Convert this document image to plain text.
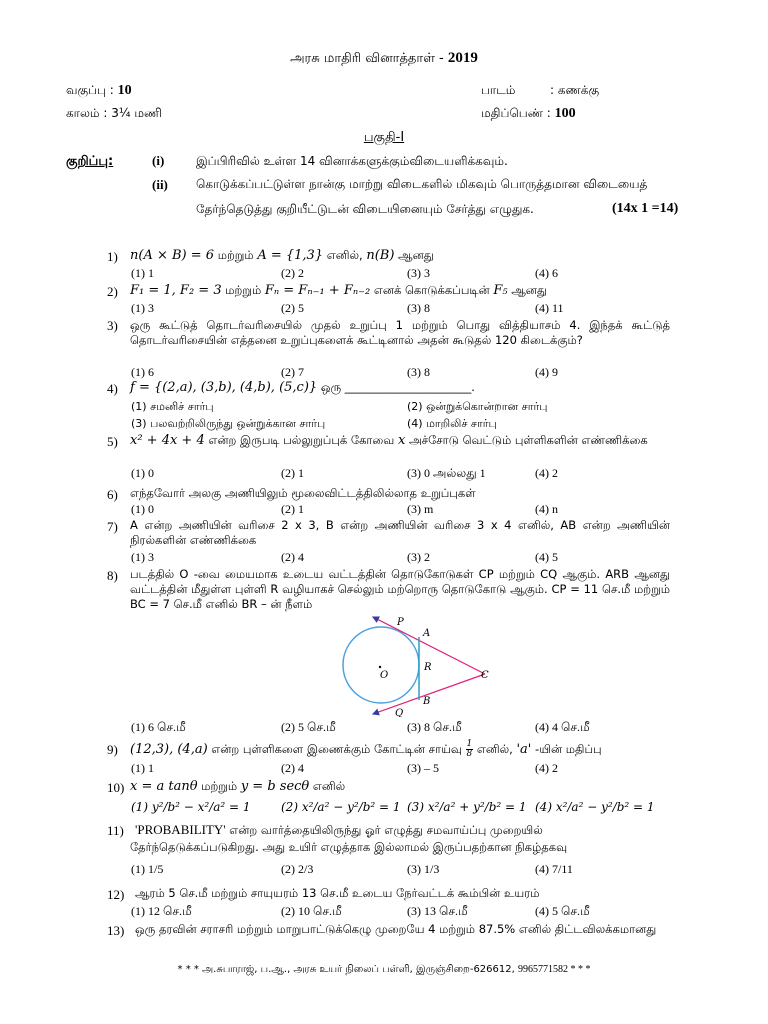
அரசு மாதிரி வினாத்தாள் - 2019
வகுப்பு : 10	பாடம்	: கணக்கு
காலம் : 3¼ மணி	மதிப்பெண் : 100
பகுதி-I
குறிப்பு:	(i)	இப்பிரிவில் உள்ள 14 வினாக்களுக்கும்விடையளிக்கவும்.
(ii) கொடுக்கப்பட்டுள்ள நான்கு மாற்று விடைகளில் மிகவும் பொருத்தமான விடையைத்
தேர்ந்தெடுத்து குறியீட்டுடன் விடையினையும் சேர்த்து எழுதுக.	(14x 1 =14)
1) n(A × B) = 6 மற்றும் A = {1,3} எனில், n(B) ஆனது
(1) 1	(2) 2	(3) 3	(4) 6
2) F₁ = 1, F₂ = 3 மற்றும் Fₙ = Fₙ₋₁ + Fₙ₋₂ எனக் கொடுக்கப்படின் F₅ ஆனது
(1) 3	(2) 5	(3) 8	(4) 11
3) ஒரு கூட்டுத் தொடர்வரிசையில் முதல் உறுப்பு 1 மற்றும் பொது வித்தியாசம் 4. இந்தக் கூட்டுத் தொடர்வரிசையின் எத்தனை உறுப்புகளைக் கூட்டினால் அதன் கூடுதல் 120 கிடைக்கும்?
(1) 6	(2) 7	(3) 8	(4) 9
4) f = {(2,a), (3,b), (4,b), (5,c)} ஒரு ______________________.
(1) சமனிச் சார்பு	(2) ஒன்றுக்கொன்றான சார்பு
(3) பலவற்றிலிருந்து ஒன்றுக்கான சார்பு	(4) மாறிலிச் சார்பு
5) x² + 4x + 4 என்ற இருபடி பல்லுறுப்புக் கோவை x அச்சோடு வெட்டும் புள்ளிகளின் எண்ணிக்கை
(1) 0	(2) 1	(3) 0 அல்லது 1	(4) 2
6) எந்தவோர் அலகு அணியிலும் மூலைவிட்டத்திலில்லாத உறுப்புகள்
(1) 0	(2) 1	(3) m	(4) n
7) A என்ற அணியின் வரிசை 2 x 3, B என்ற அணியின் வரிசை 3 x 4 எனில், AB என்ற அணியின் நிரல்களின் எண்ணிக்கை
(1) 3	(2) 4	(3) 2	(4) 5
8) படத்தில் O -வை மையமாக உடைய வட்டத்தின் தொடுகோடுகள் CP மற்றும் CQ ஆகும். ARB ஆனது வட்டத்தின் மீதுள்ள புள்ளி R வழியாகச் செல்லும் மற்றொரு தொடுகோடு ஆகும். CP = 11 செ.மீ மற்றும் BC = 7 செ.மீ எனில் BR – ன் நீளம்
P
A
R
O	C
B
Q
(1) 6 செ.மீ	(2) 5 செ.மீ	(3) 8 செ.மீ	(4) 4 செ.மீ
9) (12,3), (4,a) என்ற புள்ளிகளை இணைக்கும் கோட்டின் சாய்வு $\frac{1}{8}$ எனில், 'a' -யின் மதிப்பு
(1) 1	(2) 4	(3) – 5	(4) 2
10) x = a tanθ மற்றும் y = b secθ எனில்
(1) y²/b² − x²/a² = 1	(2) x²/a² − y²/b² = 1 (3) x²/a² + y²/b² = 1 (4) x²/a² − y²/b² = 1
11) 'PROBABILITY' என்ற வார்த்தையிலிருந்து ஓர் எழுத்து சமவாய்ப்பு முறையில்
தேர்ந்தெடுக்கப்படுகிறது. அது உயிர் எழுத்தாக இல்லாமல் இருப்பதற்கான நிகழ்தகவு
(1) 1/5	(2) 2/3	(3) 1/3	(4) 7/11
12) ஆரம் 5 செ.மீ மற்றும் சாயுயரம் 13 செ.மீ உடைய நேர்வட்டக் கூம்பின் உயரம்
(1) 12 செ.மீ	(2) 10 செ.மீ	(3) 13 செ.மீ	(4) 5 செ.மீ
13) ஒரு தரவின் சராசரி மற்றும் மாறுபாட்டுக்கெழு முறையே 4 மற்றும் 87.5% எனில் திட்டவிலக்கமானது
* * * அ.சுபாராஜ், ப.ஆ., அரசு உயர் நிலைப் பள்ளி, இருஞ்சிறை-626612, 9965771582 * * *
